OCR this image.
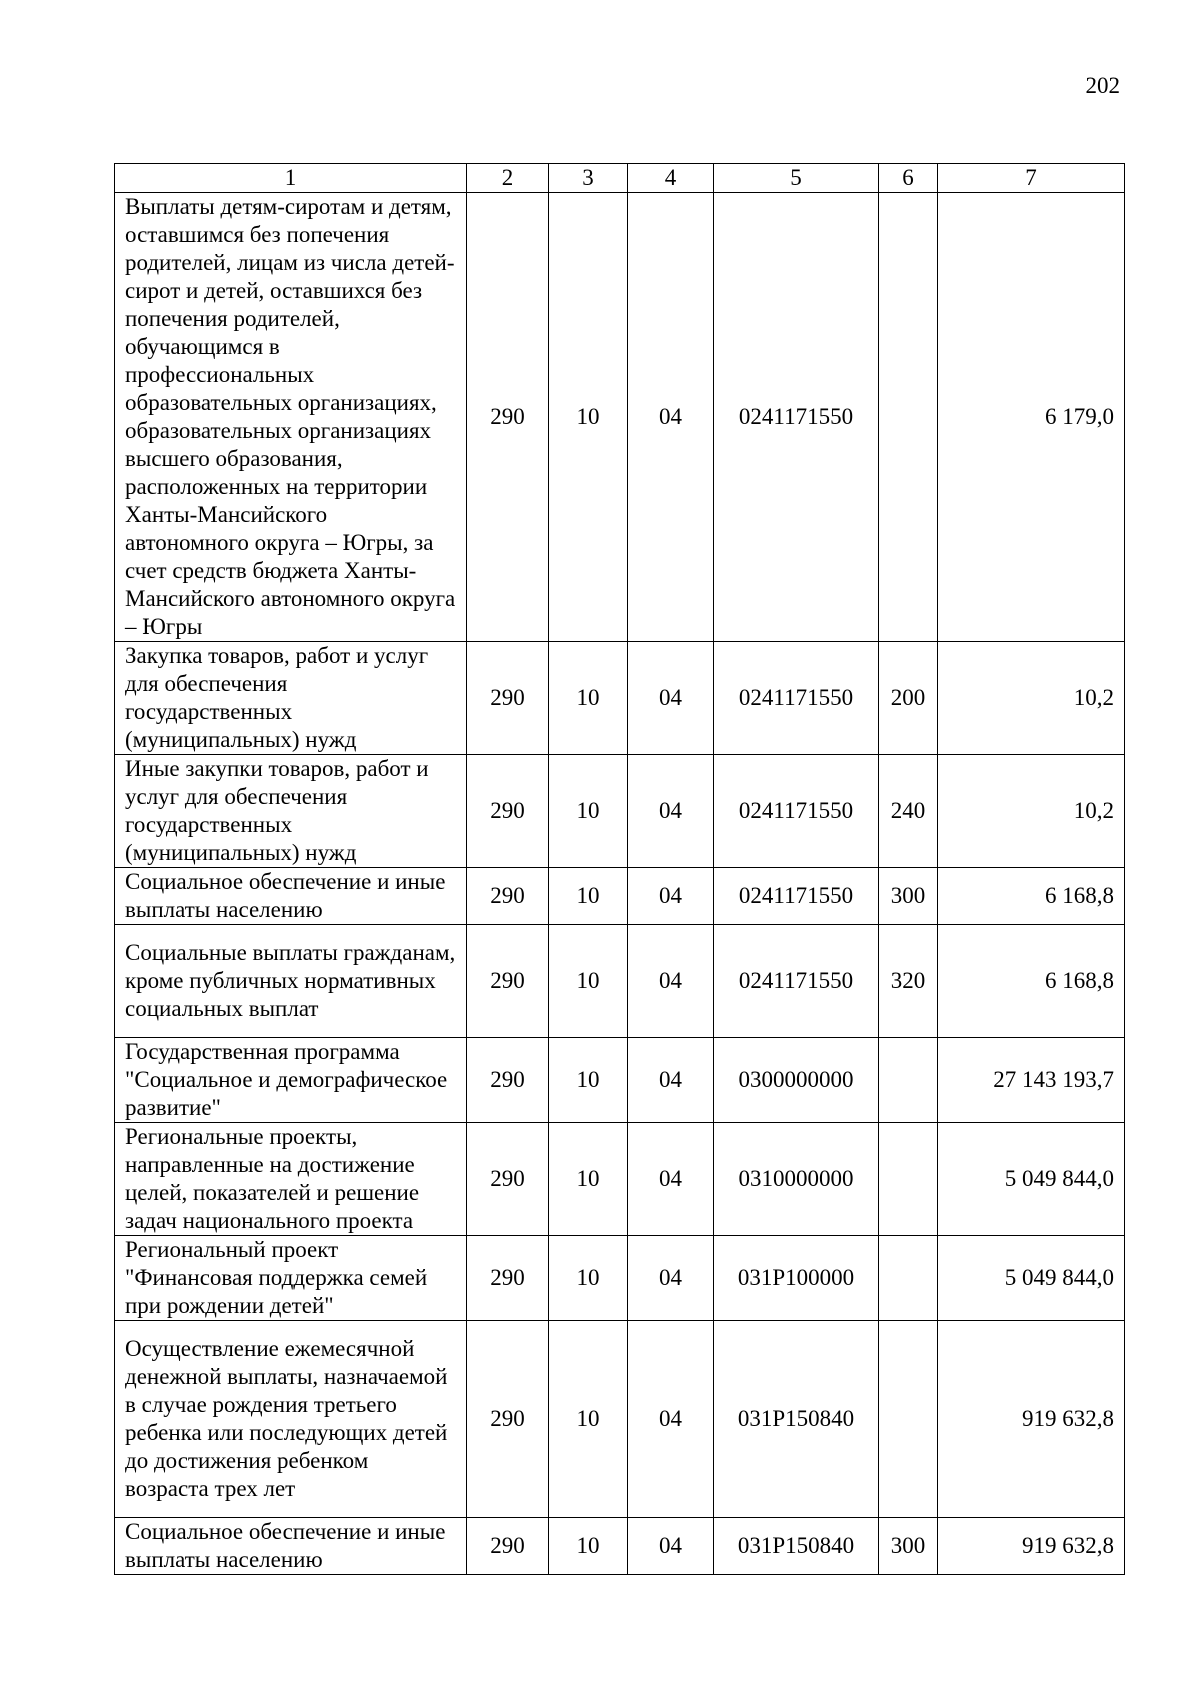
202
1	2	3	4	5	6	7
Выплаты детям-сиротам и детям, оставшимся без попечения родителей, лицам из числа детей-сирот и детей, оставшихся без попечения родителей, обучающимся в профессиональных образовательных организациях, образовательных организациях высшего образования, расположенных на территории Ханты-Мансийского автономного округа – Югры, за счет средств бюджета Ханты-Мансийского автономного округа – Югры	290	10	04	0241171550		6 179,0
Закупка товаров, работ и услуг для обеспечения государственных (муниципальных) нужд	290	10	04	0241171550	200	10,2
Иные закупки товаров, работ и услуг для обеспечения государственных (муниципальных) нужд	290	10	04	0241171550	240	10,2
Социальное обеспечение и иные выплаты населению	290	10	04	0241171550	300	6 168,8
Социальные выплаты гражданам, кроме публичных нормативных социальных выплат	290	10	04	0241171550	320	6 168,8
Государственная программа "Социальное и демографическое развитие"	290	10	04	0300000000		27 143 193,7
Региональные проекты, направленные на достижение целей, показателей и решение задач национального проекта	290	10	04	0310000000		5 049 844,0
Региональный проект "Финансовая поддержка семей при рождении детей"	290	10	04	031P100000		5 049 844,0
Осуществление ежемесячной денежной выплаты, назначаемой в случае рождения третьего ребенка или последующих детей до достижения ребенком возраста трех лет	290	10	04	031P150840		919 632,8
Социальное обеспечение и иные выплаты населению	290	10	04	031P150840	300	919 632,8
